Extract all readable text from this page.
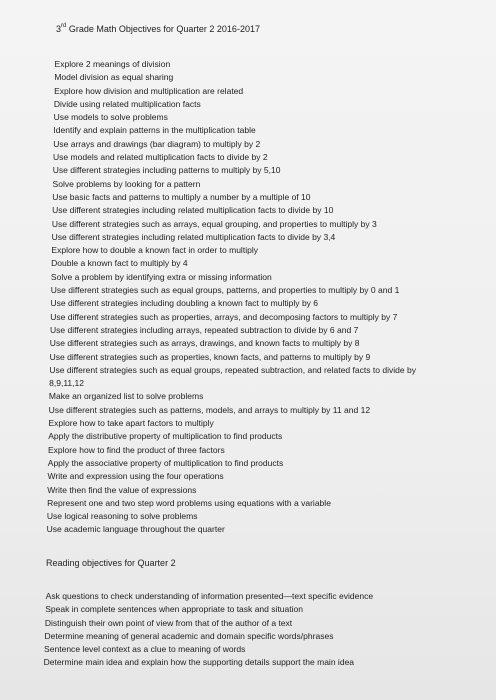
3rd Grade Math Objectives for Quarter 2 2016-2017
Explore 2 meanings of division
Model division as equal sharing
Explore how division and multiplication are related
Divide using related multiplication facts
Use models to solve problems
Identify and explain patterns in the multiplication table
Use arrays and drawings (bar diagram) to multiply by 2
Use models and related multiplication facts to divide by 2
Use different strategies including patterns to multiply by 5,10
Solve problems by looking for a pattern
Use basic facts and patterns to multiply a number by a multiple of 10
Use different strategies including related multiplication facts to divide by 10
Use different strategies such as arrays, equal grouping, and properties to multiply by 3
Use different strategies including related multiplication facts to divide by 3,4
Explore how to double a known fact in order to multiply
Double a known fact to multiply by 4
Solve a problem by identifying extra or missing information
Use different strategies such as equal groups, patterns, and properties to multiply by 0 and 1
Use different strategies including doubling a known fact to multiply by 6
Use different strategies such as properties, arrays, and decomposing factors to multiply by 7
Use different strategies including arrays, repeated subtraction to divide by 6 and 7
Use different strategies such as arrays, drawings, and known facts to multiply by 8
Use different strategies such as properties, known facts, and patterns to multiply by 9
Use different strategies such as equal groups, repeated subtraction, and related facts to divide by
8,9,11,12
Make an organized list to solve problems
Use different strategies such as patterns, models, and arrays to multiply by 11 and 12
Explore how to take apart factors to multiply
Apply the distributive property of multiplication to find products
Explore how to find the product of three factors
Apply the associative property of multiplication to find products
Write and expression using the four operations
Write then find the value of expressions
Represent one and two step word problems using equations with a variable
Use logical reasoning to solve problems
Use academic language throughout the quarter
Reading objectives for Quarter 2
Ask questions to check understanding of information presented—text specific evidence
Speak in complete sentences when appropriate to task and situation
Distinguish their own point of view from that of the author of a text
Determine meaning of general academic and domain specific words/phrases
Sentence level context as a clue to meaning of words
Determine main idea and explain how the supporting details support the main idea
